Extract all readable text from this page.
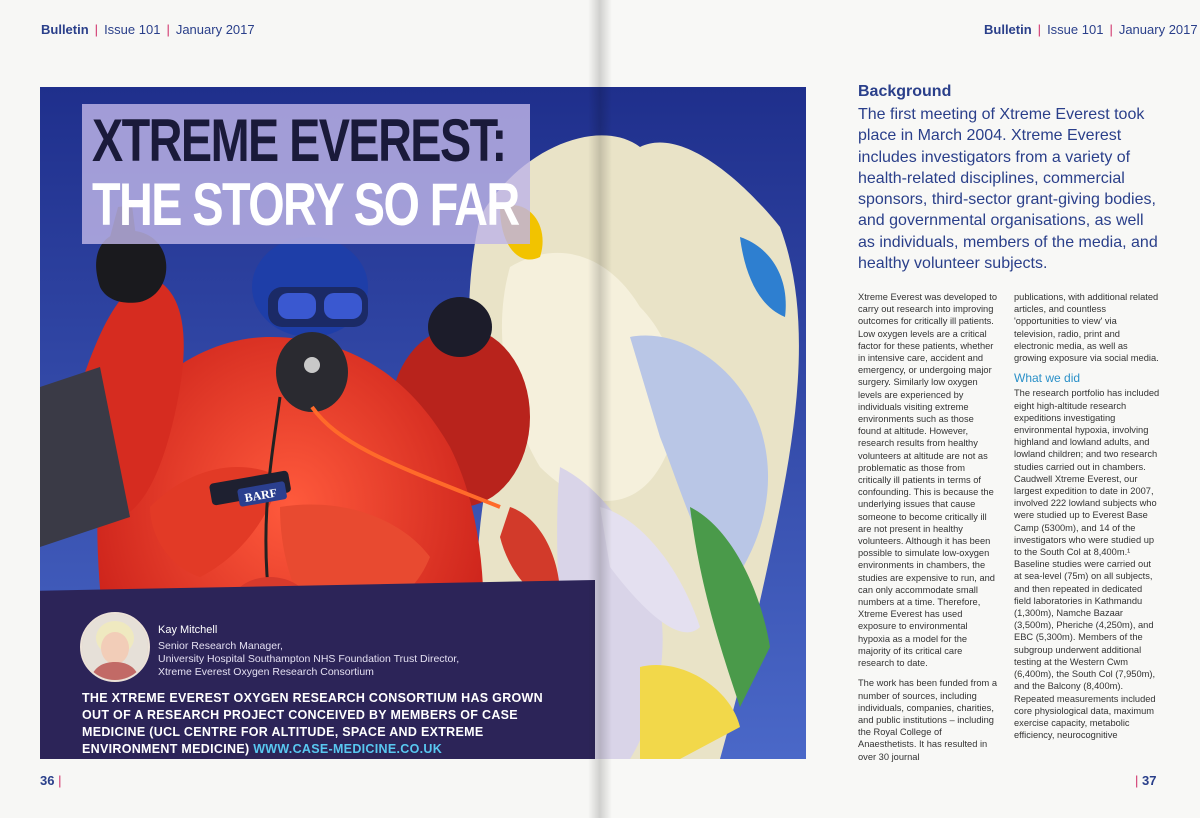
Bulletin | Issue 101 | January 2017
36 |
Bulletin | Issue 101 | January 2017
| 37
BARF
XTREME EVEREST:
THE STORY SO FAR
Kay Mitchell
Senior Research Manager,
University Hospital Southampton NHS Foundation Trust Director,
Xtreme Everest Oxygen Research Consortium
THE XTREME EVEREST OXYGEN RESEARCH CONSORTIUM HAS GROWN OUT OF A RESEARCH PROJECT CONCEIVED BY MEMBERS OF CASE MEDICINE (UCL CENTRE FOR ALTITUDE, SPACE AND EXTREME ENVIRONMENT MEDICINE) WWW.CASE-MEDICINE.CO.UK
Background
The first meeting of Xtreme Everest took place in March 2004. Xtreme Everest includes investigators from a variety of health-related disciplines, commercial sponsors, third-sector grant-giving bodies, and governmental organisations, as well as individuals, members of the media, and healthy volunteer subjects.

Xtreme Everest was developed to carry out research into improving outcomes for critically ill patients. Low oxygen levels are a critical factor for these patients, whether in intensive care, accident and emergency, or undergoing major surgery. Similarly low oxygen levels are experienced by individuals visiting extreme environments such as those found at altitude. However, research results from healthy volunteers at altitude are not as problematic as those from critically ill patients in terms of confounding. This is because the underlying issues that cause someone to become critically ill are not present in healthy volunteers. Although it has been possible to simulate low-oxygen environments in chambers, the studies are expensive to run, and can only accommodate small numbers at a time. Therefore, Xtreme Everest has used exposure to environmental hypoxia as a model for the majority of its critical care research to date.

The work has been funded from a number of sources, including individuals, companies, charities, and public institutions – including the Royal College of Anaesthetists. It has resulted in over 30 journal

publications, with additional related articles, and countless 'opportunities to view' via television, radio, print and electronic media, as well as growing exposure via social media.

What we did

The research portfolio has included eight high-altitude research expeditions investigating environmental hypoxia, involving highland and lowland adults, and lowland children; and two research studies carried out in chambers. Caudwell Xtreme Everest, our largest expedition to date in 2007, involved 222 lowland subjects who were studied up to Everest Base Camp (5300m), and 14 of the investigators who were studied up to the South Col at 8,400m.¹ Baseline studies were carried out at sea-level (75m) on all subjects, and then repeated in dedicated field laboratories in Kathmandu (1,300m), Namche Bazaar (3,500m), Pheriche (4,250m), and EBC (5,300m). Members of the subgroup underwent additional testing at the Western Cwm (6,400m), the South Col (7,950m), and the Balcony (8,400m). Repeated measurements included core physiological data, maximum exercise capacity, metabolic efficiency, neurocognitive
